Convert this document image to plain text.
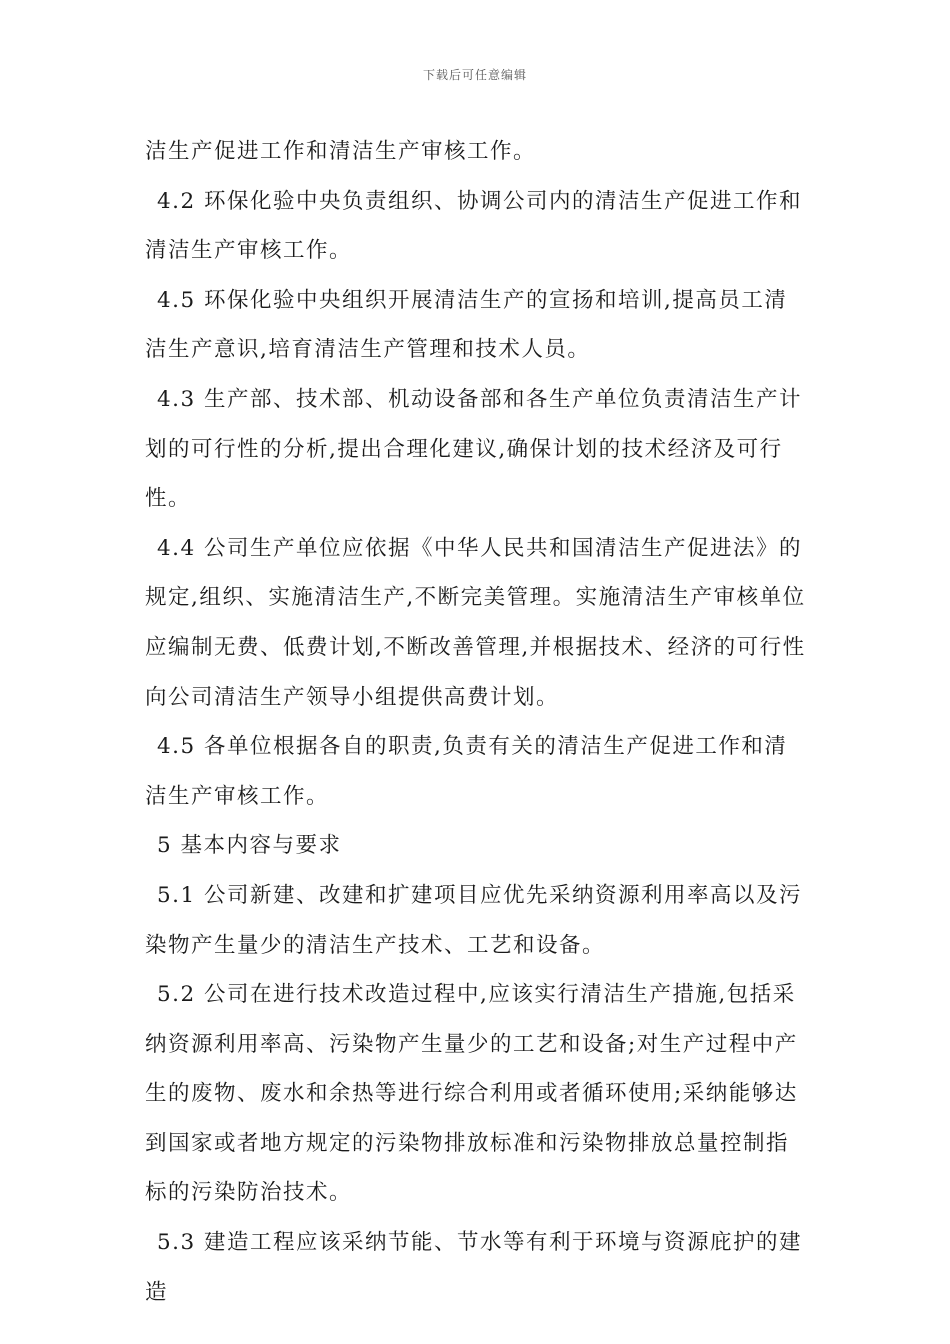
下载后可任意编辑

洁生产促进工作和清洁生产审核工作。

4.2 环保化验中央负责组织、协调公司内的清洁生产促进工作和清洁生产审核工作。

4.5 环保化验中央组织开展清洁生产的宣扬和培训,提高员工清洁生产意识,培育清洁生产管理和技术人员。

4.3 生产部、技术部、机动设备部和各生产单位负责清洁生产计划的可行性的分析,提出合理化建议,确保计划的技术经济及可行性。

4.4 公司生产单位应依据《中华人民共和国清洁生产促进法》的规定,组织、实施清洁生产,不断完美管理。实施清洁生产审核单位应编制无费、低费计划,不断改善管理,并根据技术、经济的可行性向公司清洁生产领导小组提供高费计划。

4.5 各单位根据各自的职责,负责有关的清洁生产促进工作和清洁生产审核工作。

5 基本内容与要求

5.1 公司新建、改建和扩建项目应优先采纳资源利用率高以及污染物产生量少的清洁生产技术、工艺和设备。

5.2 公司在进行技术改造过程中,应该实行清洁生产措施,包括采纳资源利用率高、污染物产生量少的工艺和设备;对生产过程中产生的废物、废水和余热等进行综合利用或者循环使用;采纳能够达到国家或者地方规定的污染物排放标准和污染物排放总量控制指标的污染防治技术。

5.3 建造工程应该采纳节能、节水等有利于环境与资源庇护的建造
